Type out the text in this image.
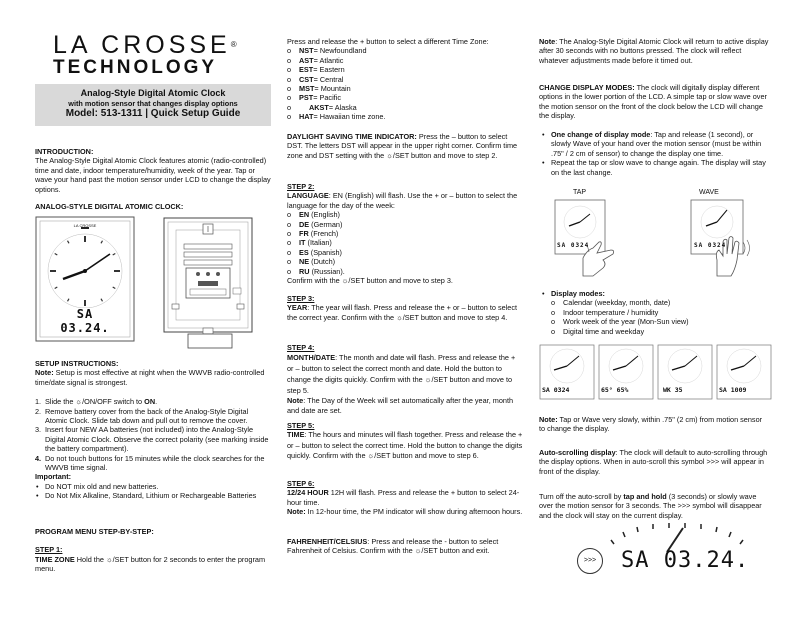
LA CROSSE®
TECHNOLOGY
Analog-Style Digital Atomic Clock
with motion sensor that changes display options
Model: 513-1311 | Quick Setup Guide

INTRODUCTION:

The Analog-Style Digital Atomic Clock features atomic (radio-controlled) time and date, indoor temperature/humidity, week of the year. Tap or wave your hand past the motion sensor under LCD to change the display options.

ANALOG-STYLE DIGITAL ATOMIC CLOCK:

LA CROSSE
SA 03.24.

SETUP INSTRUCTIONS:

Note: Setup is most effective at night when the WWVB radio-controlled time/date signal is strongest.

1. Slide the ☼/ON/OFF switch to ON.
2. Remove battery cover from the back of the Analog-Style Digital Atomic Clock. Slide tab down and pull out to remove the cover.
3. Insert four NEW AA batteries (not included) into the Analog-Style Digital Atomic Clock. Observe the correct polarity (see marking inside the battery compartment).
4. Do not touch buttons for 15 minutes while the clock searches for the WWVB time signal.

Important:

• Do NOT mix old and new batteries.
• Do Not Mix Alkaline, Standard, Lithium or Rechargeable Batteries

PROGRAM MENU STEP-BY-STEP:

STEP 1:

TIME ZONE Hold the ☼/SET button for 2 seconds to enter the program menu.

Press and release the + button to select a different Time Zone:

o NST= Newfoundland
o AST= Atlantic
o EST= Eastern
o CST= Central
o MST= Mountain
o PST= Pacific
o AKST= Alaska
o HAT= Hawaiian time zone.

DAYLIGHT SAVING TIME INDICATOR: Press the – button to select DST. The letters DST will appear in the upper right corner. Confirm time zone and DST setting with the ☼/SET button and move to step 2.

STEP 2:

LANGUAGE: EN (English) will flash. Use the + or – button to select the language for the day of the week:

o EN (English)
o DE (German)
o FR (French)
o IT (Italian)
o ES (Spanish)
o NE (Dutch)
o RU (Russian).

Confirm with the ☼/SET button and move to step 3.

STEP 3:

YEAR: The year will flash. Press and release the + or – button to select the correct year. Confirm with the ☼/SET button and move to step 4.

STEP 4:

MONTH/DATE: The month and date will flash. Press and release the + or – button to select the correct month and date. Hold the button to change the digits quickly. Confirm with the ☼/SET button and move to step 5.

Note: The Day of the Week will set automatically after the year, month and date are set.

STEP 5:

TIME: The hours and minutes will flash together. Press and release the + or – button to select the correct time. Hold the button to change the digits quickly. Confirm with the ☼/SET button and move to step 6.

STEP 6:

12/24 HOUR 12H will flash. Press and release the + button to select 24-hour time.

Note: In 12-hour time, the PM indicator will show during afternoon hours.

FAHRENHEIT/CELSIUS: Press and release the - button to select Fahrenheit of Celsius. Confirm with the ☼/SET button and exit.

Note: The Analog-Style Digital Atomic Clock will return to active display after 30 seconds with no buttons pressed. The clock will reflect whatever adjustments made before it timed out.

CHANGE DISPLAY MODES: The clock will digitally display different options in the lower portion of the LCD. A simple tap or slow wave over the motion sensor on the front of the clock below the LCD will change the display.

• One change of display mode: Tap and release (1 second), or slowly Wave of your hand over the motion sensor (must be within .75" / 2 cm of sensor) to change the display one time.
• Repeat the tap or slow wave to change again. The display will stay on the last change.
TAP	WAVE
SA 0324	SA 0324

• Display modes:

o Calendar (weekday, month, date)
o Indoor temperature / humidity
o Work week of the year (Mon-Sun view)
o Digital time and weekday
SA 0324	65° 65%	WK 35	SA 1009

Note: Tap or Wave very slowly, within .75" (2 cm) from motion sensor to change the display.

Auto-scrolling display: The clock will default to auto-scrolling through the display options. When in auto-scroll this symbol >>> will appear in front of the display.

Turn off the auto-scroll by tap and hold (3 seconds) or slowly wave over the motion sensor for 3 seconds. The >>> symbol will disappear and the clock will stay on the current display.

>>>	SA 03.24.
